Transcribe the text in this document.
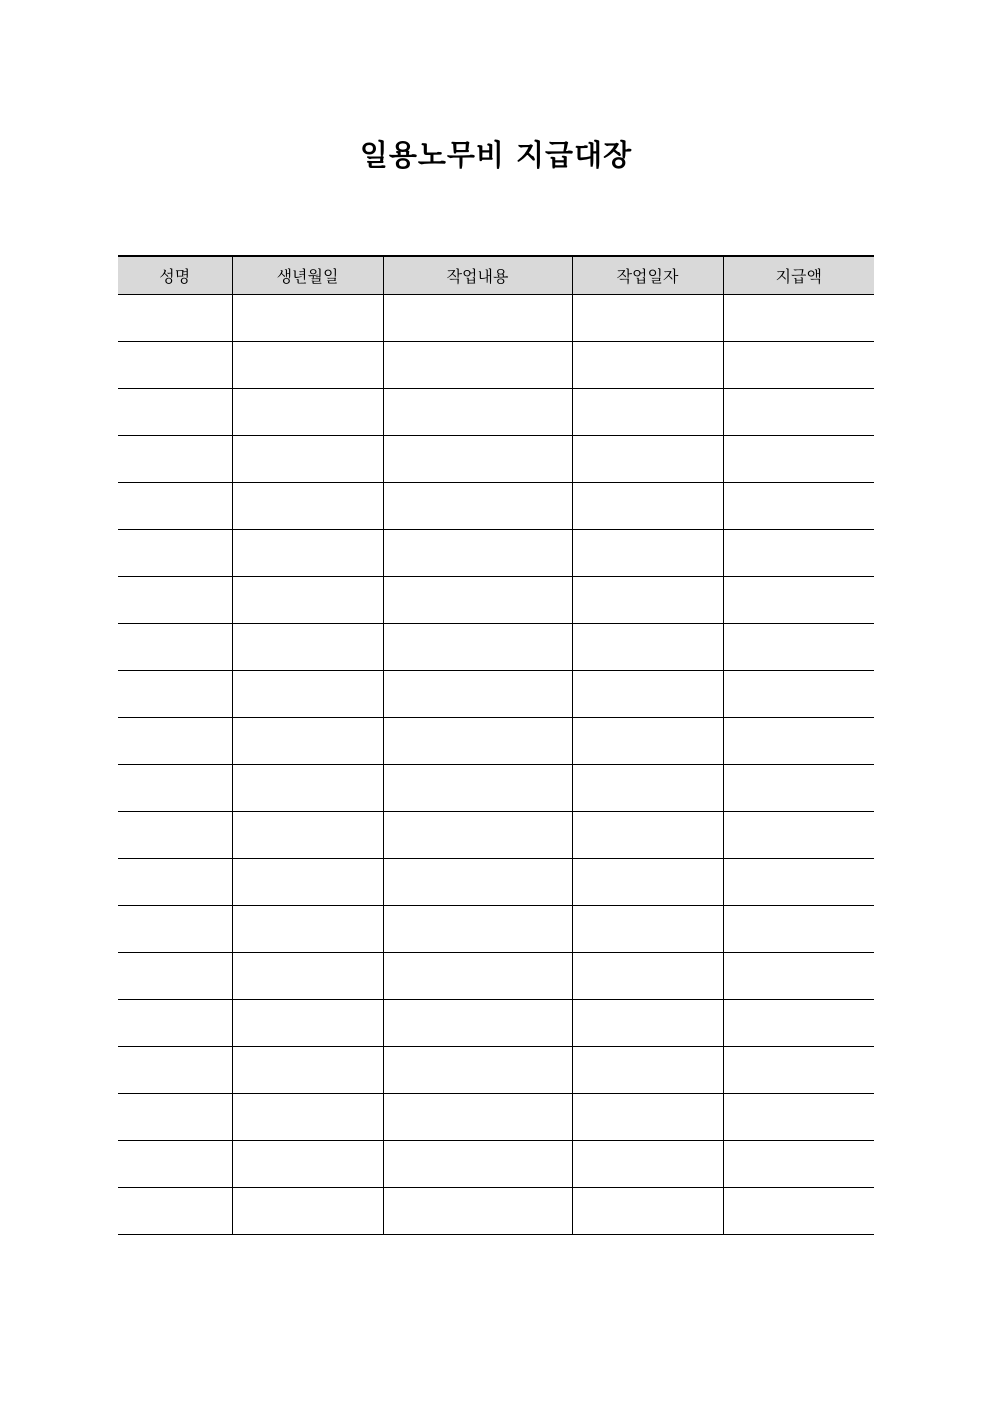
일용노무비 지급대장
성명	생년월일	작업내용	작업일자	지급액
